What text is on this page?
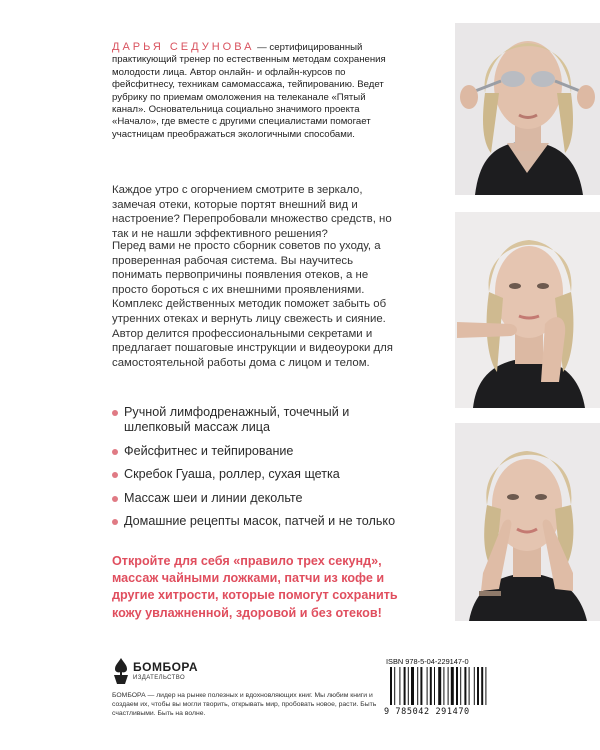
ДАРЬЯ СЕДУНОВА — сертифицированный практикующий тренер по естественным методам сохранения молодости лица. Автор онлайн- и офлайн-курсов по фейсфитнесу, техникам самомассажа, тейпированию. Ведет рубрику по приемам омоложения на телеканале «Пятый канал». Основательница социально значимого проекта «Начало», где вместе с другими специалистами помогает участницам преображаться экологичными способами.

Каждое утро с огорчением смотрите в зеркало, замечая отеки, которые портят внешний вид и настроение? Перепробовали множество средств, но так и не нашли эффективного решения?

Перед вами не просто сборник советов по уходу, а проверенная рабочая система. Вы научитесь понимать первопричины появления отеков, а не просто бороться с их внешними проявлениями. Комплекс действенных методик поможет забыть об утренних отеках и вернуть лицу свежесть и сияние. Автор делится профессиональными секретами и предлагает пошаговые инструкции и видеоуроки для самостоятельной работы дома с лицом и телом.

Ручной лимфодренажный, точечный и шлепковый массаж лица
Фейсфитнес и тейпирование
Скребок Гуаша, роллер, сухая щетка
Массаж шеи и линии декольте
Домашние рецепты масок, патчей и не только

Откройте для себя «правило трех секунд», массаж чайными ложками, патчи из кофе и другие хитрости, которые помогут сохранить кожу увлажненной, здоровой и без отеков!

БОМБОРА
ИЗДАТЕЛЬСТВО

БОМБОРА — лидер на рынке полезных и вдохновляющих книг. Мы любим книги и создаем их, чтобы вы могли творить, открывать мир, пробовать новое, расти. Быть счастливыми. Быть на волне.

ISBN 978-5-04-229147-0
9 785042 291470
